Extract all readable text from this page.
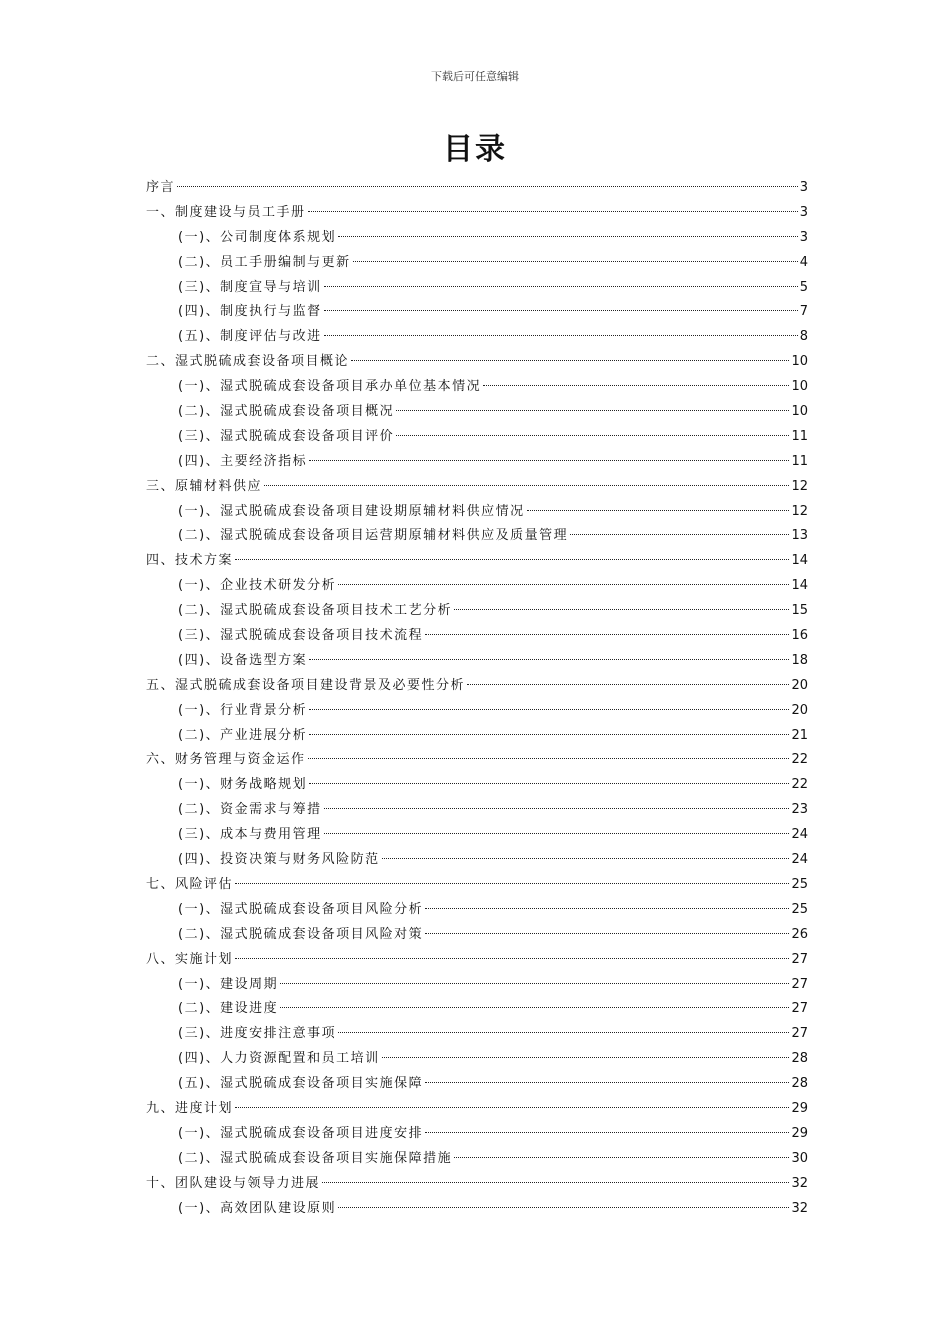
下载后可任意编辑
目录
序言	3
一、制度建设与员工手册	3
(一)、公司制度体系规划	3
(二)、员工手册编制与更新	4
(三)、制度宣导与培训	5
(四)、制度执行与监督	7
(五)、制度评估与改进	8
二、湿式脱硫成套设备项目概论	10
(一)、湿式脱硫成套设备项目承办单位基本情况	10
(二)、湿式脱硫成套设备项目概况	10
(三)、湿式脱硫成套设备项目评价	11
(四)、主要经济指标	11
三、原辅材料供应	12
(一)、湿式脱硫成套设备项目建设期原辅材料供应情况	12
(二)、湿式脱硫成套设备项目运营期原辅材料供应及质量管理	13
四、技术方案	14
(一)、企业技术研发分析	14
(二)、湿式脱硫成套设备项目技术工艺分析	15
(三)、湿式脱硫成套设备项目技术流程	16
(四)、设备选型方案	18
五、湿式脱硫成套设备项目建设背景及必要性分析	20
(一)、行业背景分析	20
(二)、产业进展分析	21
六、财务管理与资金运作	22
(一)、财务战略规划	22
(二)、资金需求与筹措	23
(三)、成本与费用管理	24
(四)、投资决策与财务风险防范	24
七、风险评估	25
(一)、湿式脱硫成套设备项目风险分析	25
(二)、湿式脱硫成套设备项目风险对策	26
八、实施计划	27
(一)、建设周期	27
(二)、建设进度	27
(三)、进度安排注意事项	27
(四)、人力资源配置和员工培训	28
(五)、湿式脱硫成套设备项目实施保障	28
九、进度计划	29
(一)、湿式脱硫成套设备项目进度安排	29
(二)、湿式脱硫成套设备项目实施保障措施	30
十、团队建设与领导力进展	32
(一)、高效团队建设原则	32
